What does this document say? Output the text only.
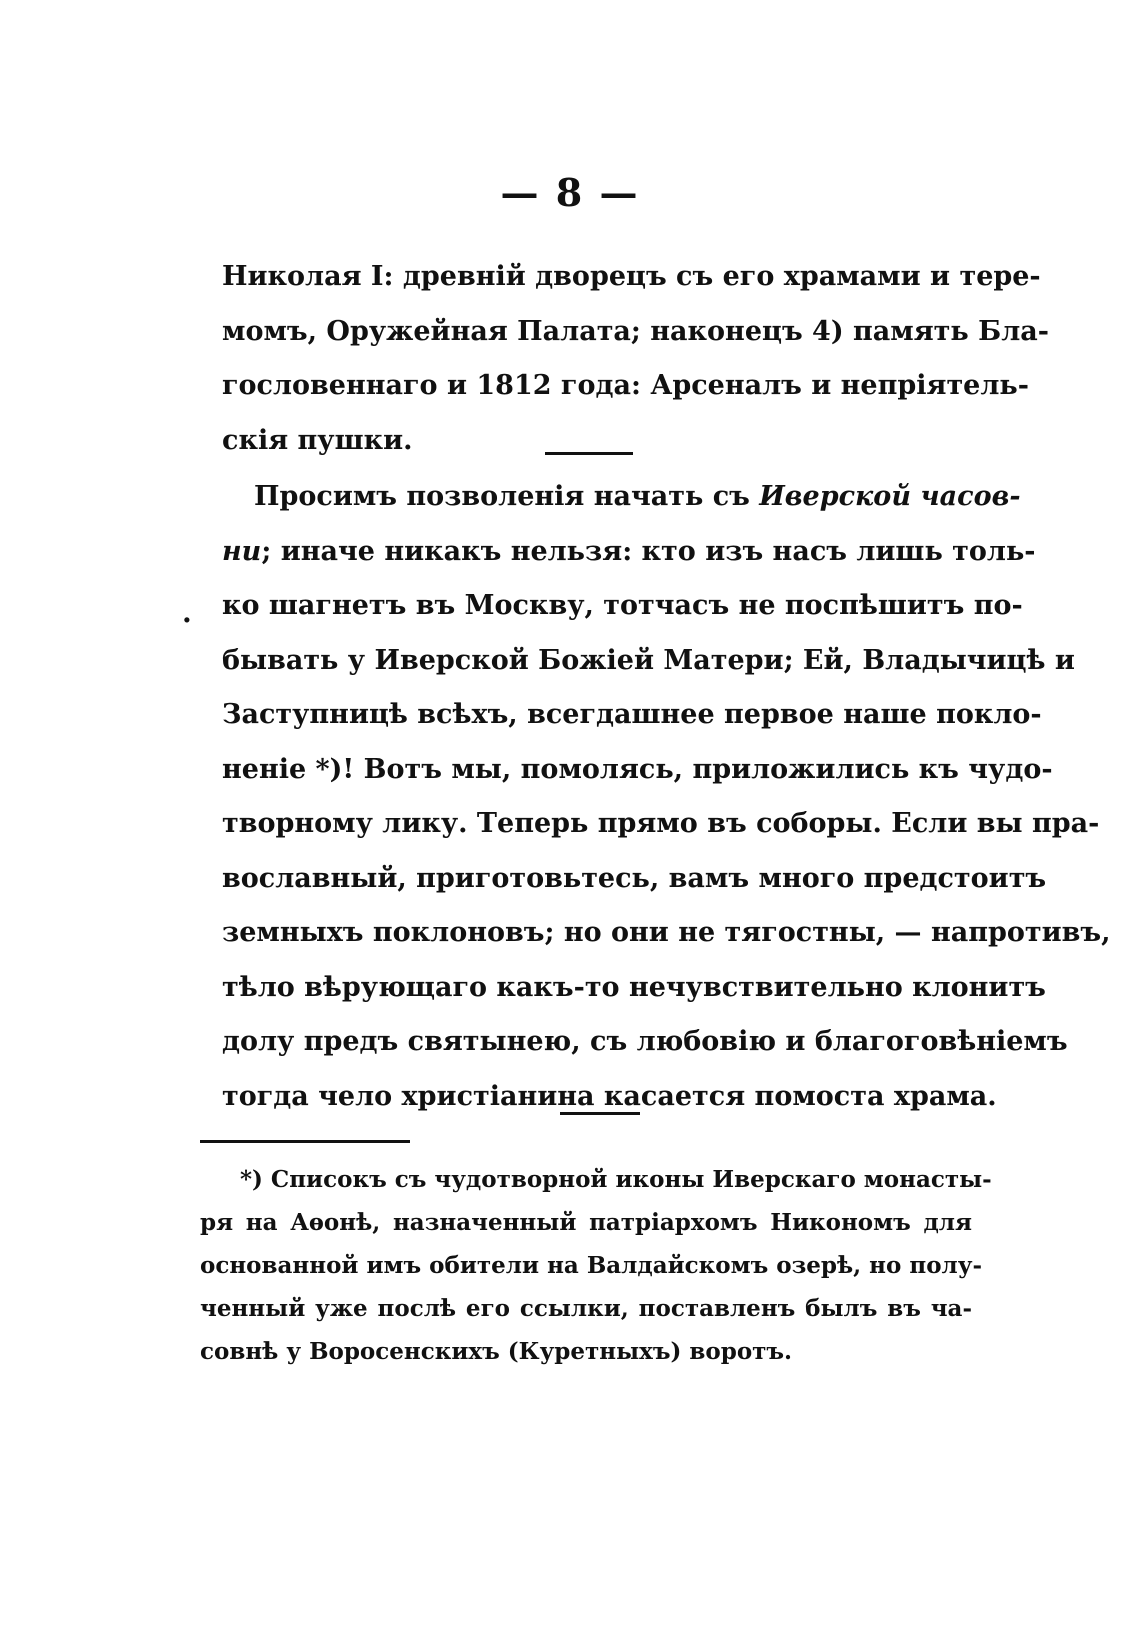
— 8 —
Николая I: древній дворецъ съ его храмами и тере-
момъ, Оружейная Палата; наконецъ 4) память Бла-
гословеннаго и 1812 года: Арсеналъ и непріятель-
скія пушки.
Просимъ позволенія начать съ Иверской часов-
ни; иначе никакъ нельзя: кто изъ насъ лишь толь-
ко шагнетъ въ Москву, тотчасъ не поспѣшитъ по-
бывать у Иверской Божіей Матери; Ей, Владычицѣ и
Заступницѣ всѣхъ, всегдашнее первое наше покло-
неніе *)! Вотъ мы, помолясь, приложились къ чудо-
творному лику. Теперь прямо въ соборы. Если вы пра-
вославный, приготовьтесь, вамъ много предстоитъ
земныхъ поклоновъ; но они не тягостны, — напротивъ,
тѣло вѣрующаго какъ-то нечувствительно клонитъ
долу предъ святынею, съ любовію и благоговѣніемъ
тогда чело христіанина касается помоста храма.
.
*) Списокъ съ чудотворной иконы Иверскаго монасты-
ря на Аѳонѣ, назначенный патріархомъ Никономъ для
основанной имъ обители на Валдайскомъ озерѣ, но полу-
ченный уже послѣ его ссылки, поставленъ былъ въ ча-
совнѣ у Воросенскихъ (Куретныхъ) воротъ.
